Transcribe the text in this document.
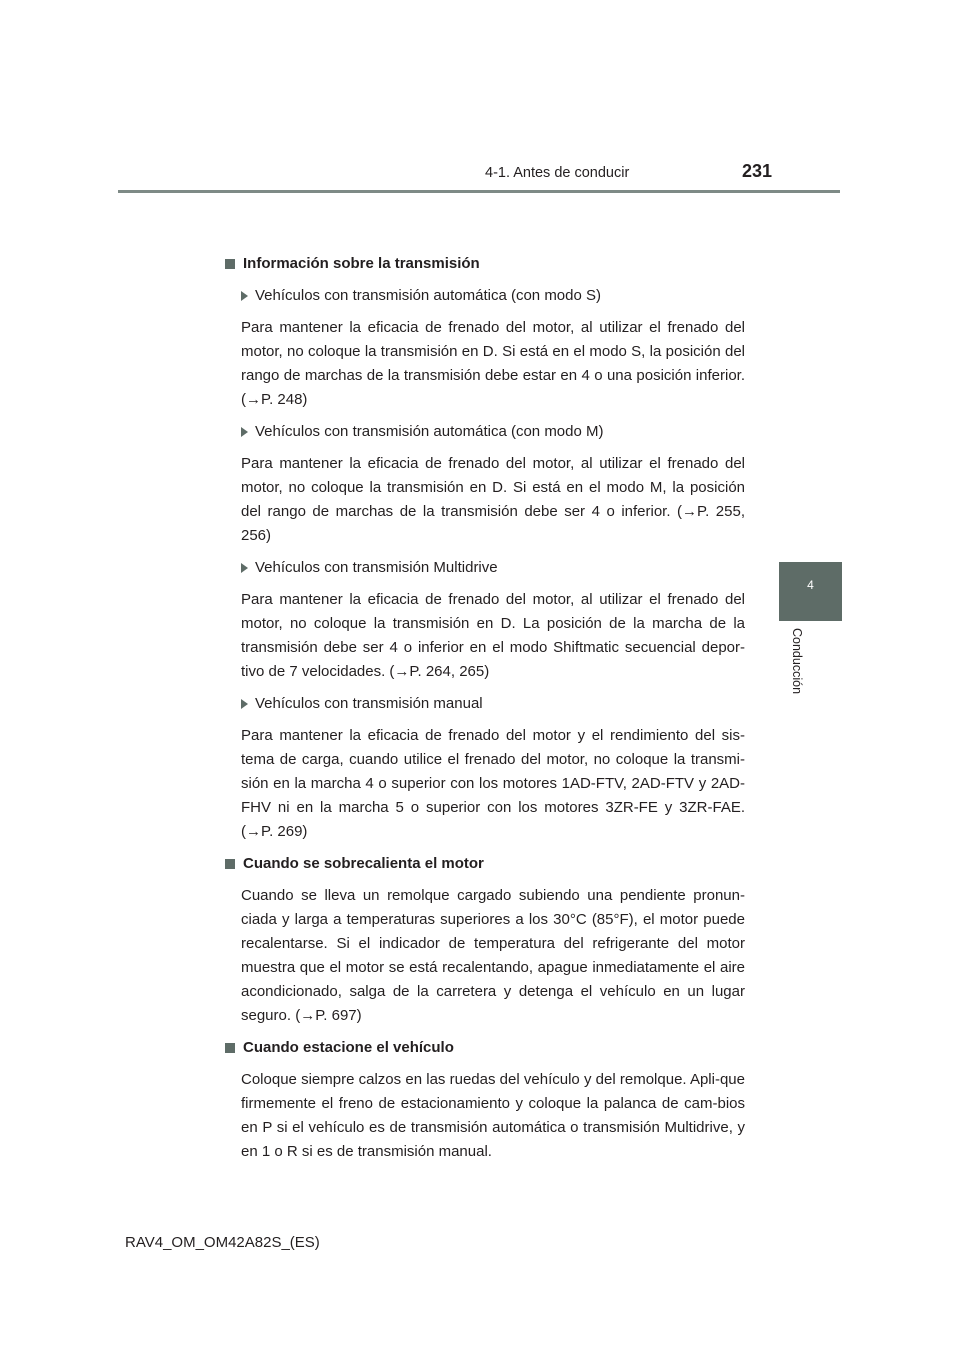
4-1. Antes de conducir	231
4
Conducción
Información sobre la transmisión
Vehículos con transmisión automática (con modo S)
Para mantener la eficacia de frenado del motor, al utilizar el frenado del motor, no coloque la transmisión en D. Si está en el modo S, la posición del rango de marchas de la transmisión debe estar en 4 o una posición inferior. (→P. 248)
Vehículos con transmisión automática (con modo M)
Para mantener la eficacia de frenado del motor, al utilizar el frenado del motor, no coloque la transmisión en D. Si está en el modo M, la posición del rango de marchas de la transmisión debe ser 4 o inferior. (→P. 255, 256)
Vehículos con transmisión Multidrive
Para mantener la eficacia de frenado del motor, al utilizar el frenado del motor, no coloque la transmisión en D. La posición de la marcha de la transmisión debe ser 4 o inferior en el modo Shiftmatic secuencial depor-tivo de 7 velocidades. (→P. 264, 265)
Vehículos con transmisión manual
Para mantener la eficacia de frenado del motor y el rendimiento del sis-tema de carga, cuando utilice el frenado del motor, no coloque la transmi-sión en la marcha 4 o superior con los motores 1AD-FTV, 2AD-FTV y 2AD-FHV ni en la marcha 5 o superior con los motores 3ZR-FE y 3ZR-FAE. (→P. 269)
Cuando se sobrecalienta el motor
Cuando se lleva un remolque cargado subiendo una pendiente pronun-ciada y larga a temperaturas superiores a los 30°C (85°F), el motor puede recalentarse. Si el indicador de temperatura del refrigerante del motor muestra que el motor se está recalentando, apague inmediatamente el aire acondicionado, salga de la carretera y detenga el vehículo en un lugar seguro. (→P. 697)
Cuando estacione el vehículo
Coloque siempre calzos en las ruedas del vehículo y del remolque. Apli-que firmemente el freno de estacionamiento y coloque la palanca de cam-bios en P si el vehículo es de transmisión automática o transmisión Multidrive, y en 1 o R si es de transmisión manual.
RAV4_OM_OM42A82S_(ES)
